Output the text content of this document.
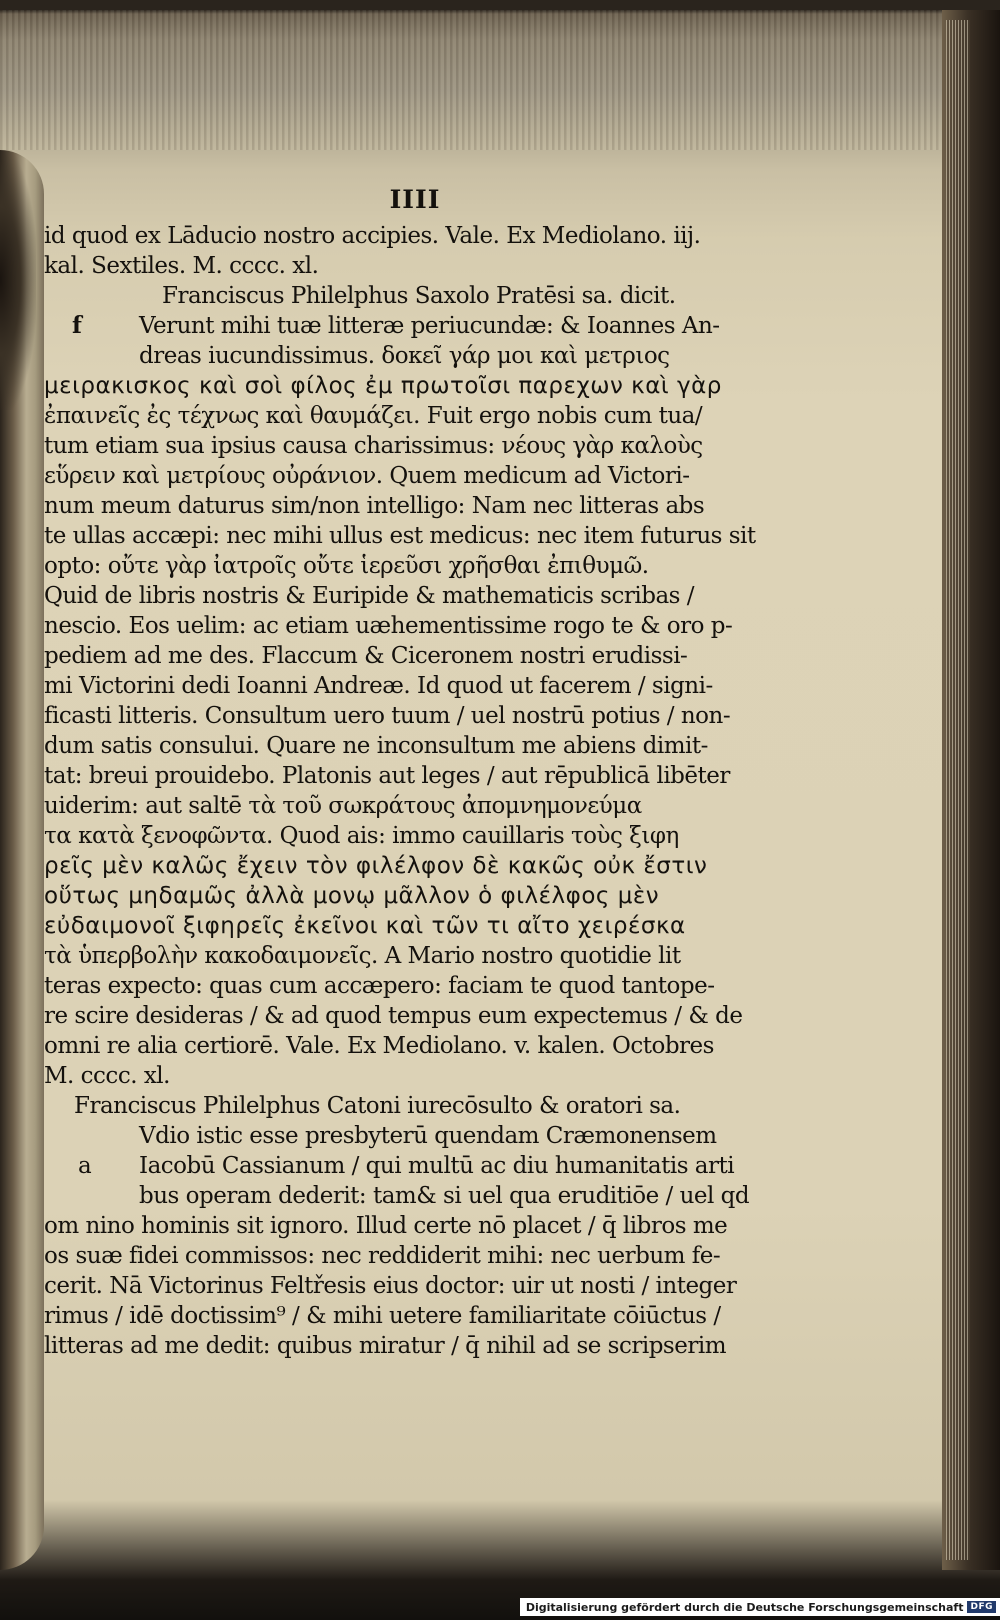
IIII
id quod ex Lāducio nostro accipies. Vale. Ex Mediolano. iij.
kal. Sextiles. M. cccc. xl.
Franciscus Philelphus Saxolo Pratēsi sa. dicit.
f	Verunt mihi tuæ litteræ periucundæ: & Ioannes An-
dreas iucundissimus. δοκεῖ γάρ μοι καὶ μετριος
μειρακισκος καὶ σοὶ φίλος ἐμ πρωτοῖσι παρεχων καὶ γὰρ
ἐπαινεῖς ἐς τέχνως καὶ θαυμάζει. Fuit ergo nobis cum tua/
tum etiam sua ipsius causa charissimus: νέους γὰρ καλοὺς
εὕρειν καὶ μετρίους οὐράνιον. Quem medicum ad Victori-
num meum daturus sim/non intelligo: Nam nec litteras abs
te ullas accæpi: nec mihi ullus est medicus: nec item futurus sit
opto: οὔτε γὰρ ἰατροῖς οὔτε ἱερεῦσι χρῆσθαι ἐπιθυμῶ.
Quid de libris nostris & Euripide & mathematicis scribas /
nescio. Eos uelim: ac etiam uæhementissime rogo te & oro p-
pediem ad me des. Flaccum & Ciceronem nostri erudissi-
mi Victorini dedi Ioanni Andreæ. Id quod ut facerem / signi-
ficasti litteris. Consultum uero tuum / uel nostrū potius / non-
dum satis consului. Quare ne inconsultum me abiens dimit-
tat: breui prouidebo. Platonis aut leges / aut rēpublicā libēter
uiderim: aut saltē τὰ τοῦ σωκράτους ἀπομνημονεύμα
τα κατὰ ξενοφῶντα. Quod ais: immo cauillaris τοὺς ξιφη
ρεῖς μὲν καλῶς ἔχειν τὸν φιλέλφον δὲ κακῶς οὐκ ἔστιν
οὕτως μηδαμῶς ἀλλὰ μονῳ μᾶλλον ὁ φιλέλφος μὲν
εὐδαιμονοῖ ξιφηρεῖς ἐκεῖνοι καὶ τῶν τι αἴτο χειρέσκα
τὰ ὑπερβολὴν κακοδαιμονεῖς. A Mario nostro quotidie lit
teras expecto: quas cum accæpero: faciam te quod tantope-
re scire desideras / & ad quod tempus eum expectemus / & de
omni re alia certiorē. Vale. Ex Mediolano. v. kalen. Octobres
M. cccc. xl.
Franciscus Philelphus Catoni iurecōsulto & oratori sa.
Vdio istic esse presbyterū quendam Cræmonensem
a Iacobū Cassianum / qui multū ac diu humanitatis arti
bus operam dederit: tam& si uel qua eruditiōe / uel qd
om nino hominis sit ignoro. Illud certe nō placet / q̄ libros me
os suæ fidei commissos: nec reddiderit mihi: nec uerbum fe-
cerit. Nā Victorinus Feltřesis eius doctor: uir ut nosti / integer
rimus / idē doctissim⁹ / & mihi uetere familiaritate cōiūctus /
litteras ad me dedit: quibus miratur / q̄ nihil ad se scripserim
Digitalisierung gefördert durch die Deutsche Forschungsgemeinschaft DFG
